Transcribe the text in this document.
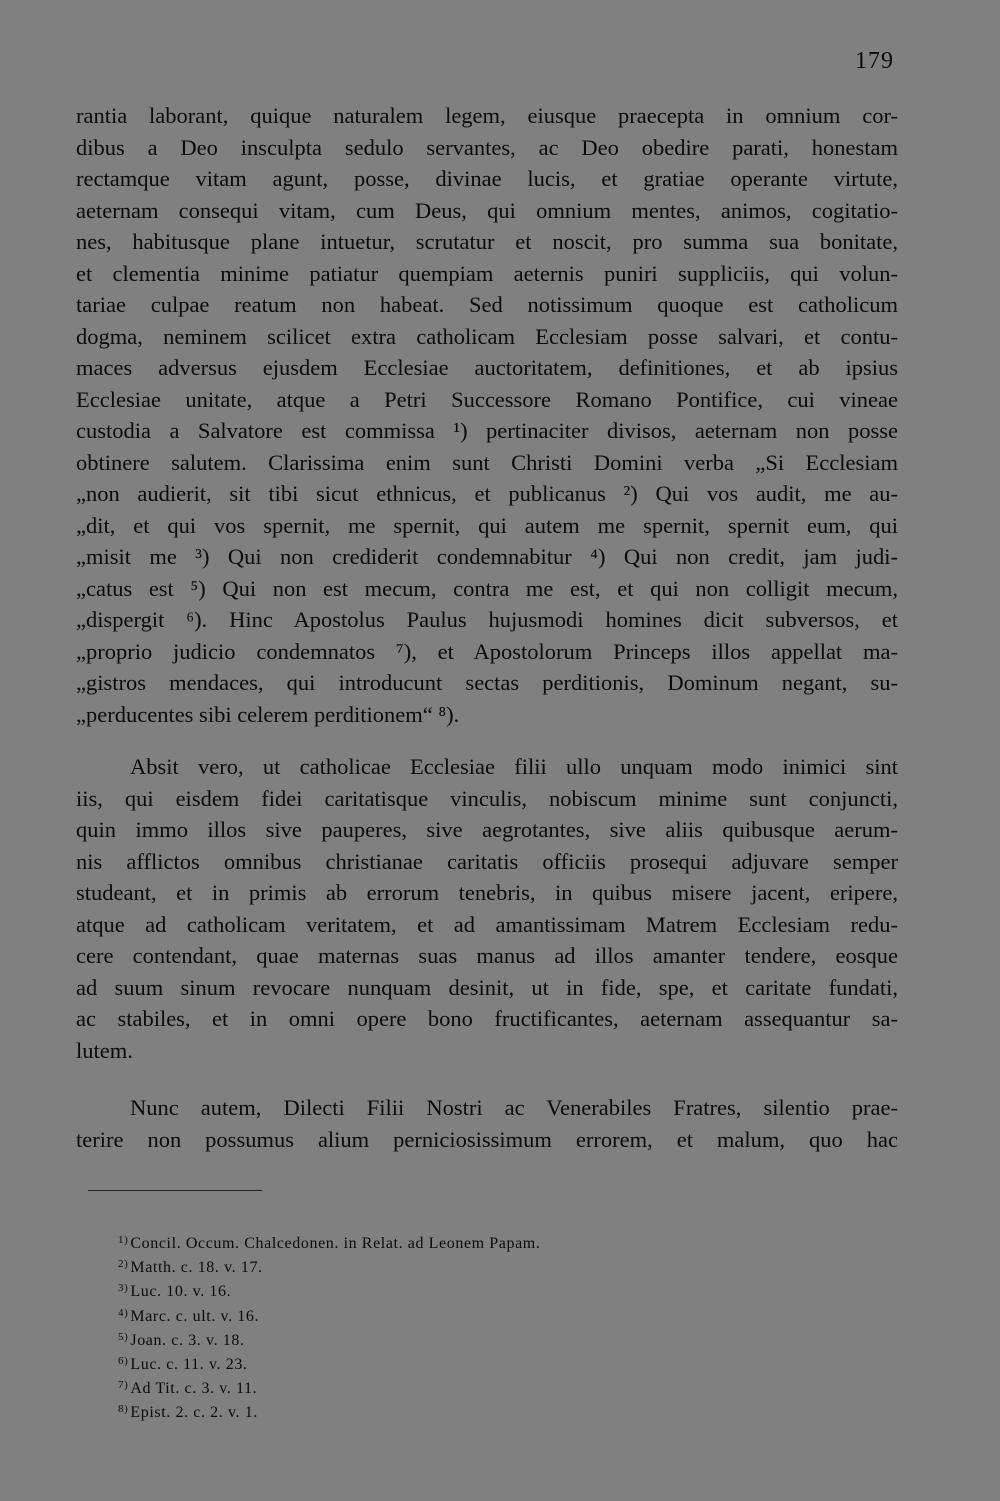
179
rantia laborant, quique naturalem legem, eiusque praecepta in omnium cor-
dibus a Deo insculpta sedulo servantes, ac Deo obedire parati, honestam
rectamque vitam agunt, posse, divinae lucis, et gratiae operante virtute,
aeternam consequi vitam, cum Deus, qui omnium mentes, animos, cogitatio-
nes, habitusque plane intuetur, scrutatur et noscit, pro summa sua bonitate,
et clementia minime patiatur quempiam aeternis puniri suppliciis, qui volun-
tariae culpae reatum non habeat. Sed notissimum quoque est catholicum
dogma, neminem scilicet extra catholicam Ecclesiam posse salvari, et contu-
maces adversus ejusdem Ecclesiae auctoritatem, definitiones, et ab ipsius
Ecclesiae unitate, atque a Petri Successore Romano Pontifice, cui vineae
custodia a Salvatore est commissa ¹) pertinaciter divisos, aeternam non posse
obtinere salutem. Clarissima enim sunt Christi Domini verba „Si Ecclesiam
„non audierit, sit tibi sicut ethnicus, et publicanus ²) Qui vos audit, me au-
„dit, et qui vos spernit, me spernit, qui autem me spernit, spernit eum, qui
„misit me ³) Qui non crediderit condemnabitur ⁴) Qui non credit, jam judi-
„catus est ⁵) Qui non est mecum, contra me est, et qui non colligit mecum,
„dispergit ⁶). Hinc Apostolus Paulus hujusmodi homines dicit subversos, et
„proprio judicio condemnatos ⁷), et Apostolorum Princeps illos appellat ma-
„gistros mendaces, qui introducunt sectas perditionis, Dominum negant, su-
„perducentes sibi celerem perditionem“ ⁸).
Absit vero, ut catholicae Ecclesiae filii ullo unquam modo inimici sint
iis, qui eisdem fidei caritatisque vinculis, nobiscum minime sunt conjuncti,
quin immo illos sive pauperes, sive aegrotantes, sive aliis quibusque aerum-
nis afflictos omnibus christianae caritatis officiis prosequi adjuvare semper
studeant, et in primis ab errorum tenebris, in quibus misere jacent, eripere,
atque ad catholicam veritatem, et ad amantissimam Matrem Ecclesiam redu-
cere contendant, quae maternas suas manus ad illos amanter tendere, eosque
ad suum sinum revocare nunquam desinit, ut in fide, spe, et caritate fundati,
ac stabiles, et in omni opere bono fructificantes, aeternam assequantur sa-
lutem.
Nunc autem, Dilecti Filii Nostri ac Venerabiles Fratres, silentio prae-
terire non possumus alium perniciosissimum errorem, et malum, quo hac
$^{1)}$ Concil. Occum. Chalcedonen. in Relat. ad Leonem Papam.
$^{2)}$ Matth. c. 18. v. 17.
$^{3)}$ Luc. 10. v. 16.
$^{4)}$ Marc. c. ult. v. 16.
$^{5)}$ Joan. c. 3. v. 18.
$^{6)}$ Luc. c. 11. v. 23.
$^{7)}$ Ad Tit. c. 3. v. 11.
$^{8)}$ Epist. 2. c. 2. v. 1.
